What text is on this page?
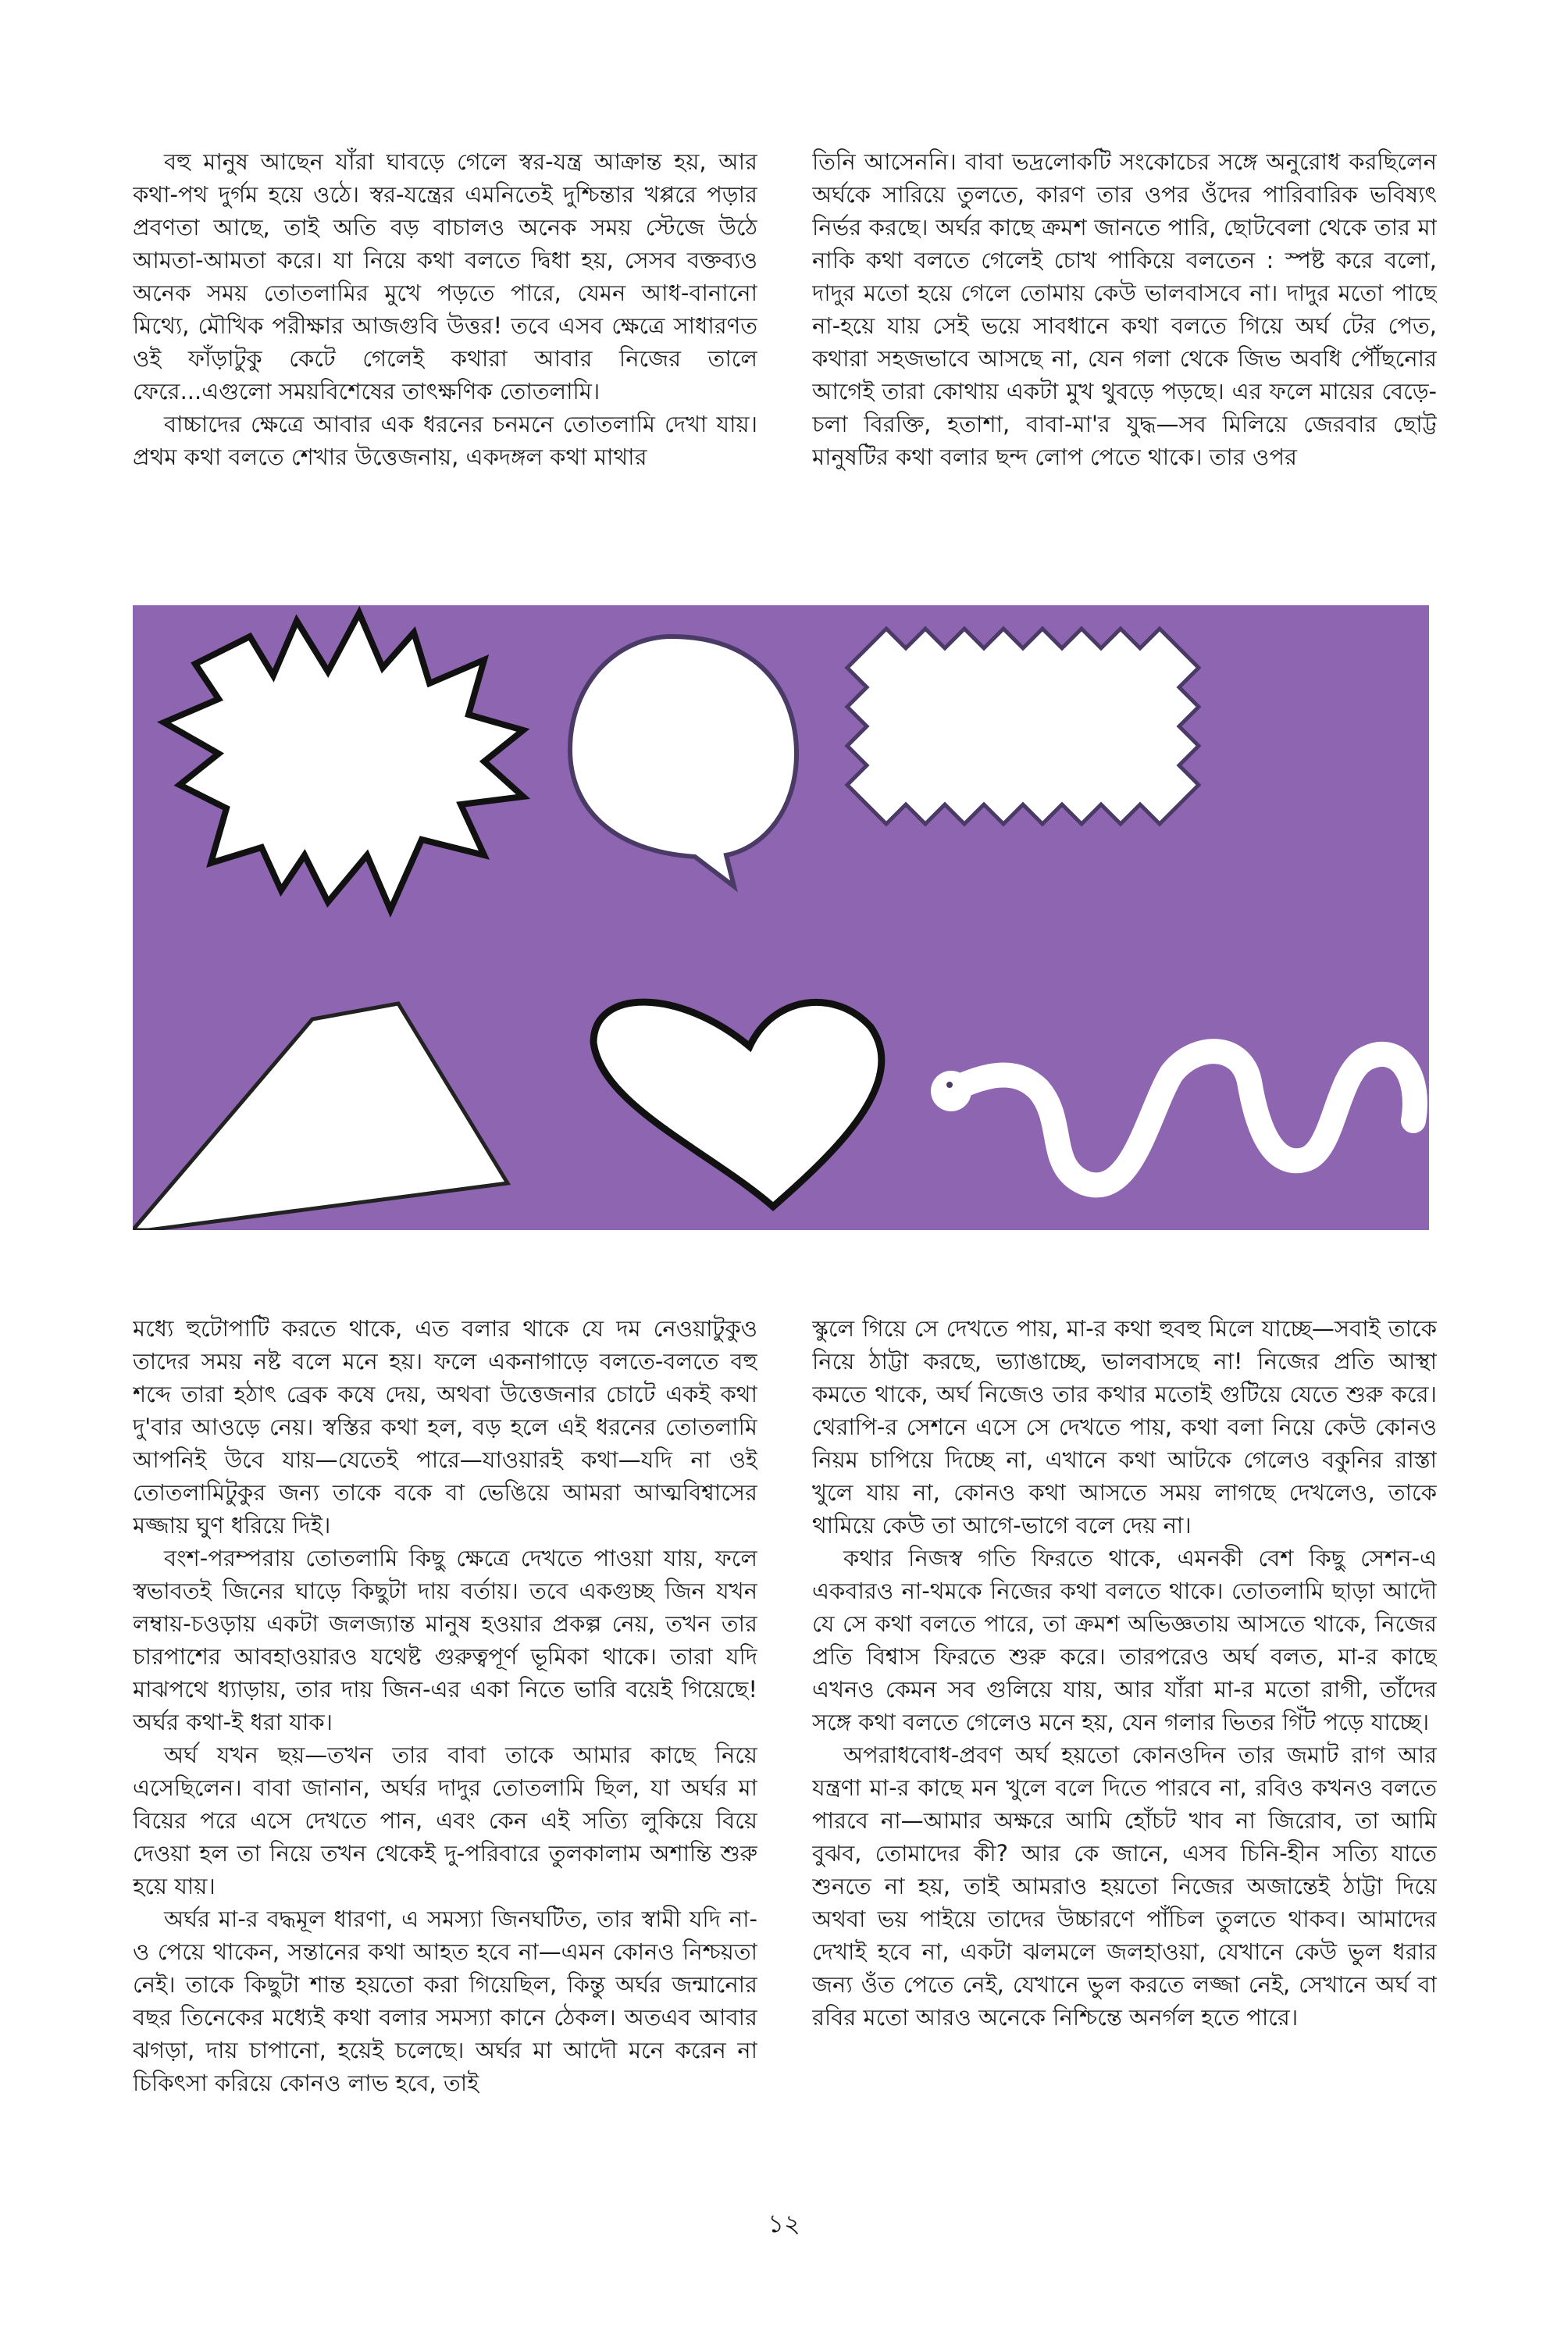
বহু মানুষ আছেন যাঁরা ঘাবড়ে গেলে স্বর-যন্ত্র আক্রান্ত হয়, আর কথা-পথ দুর্গম হয়ে ওঠে। স্বর-যন্ত্রের এমনিতেই দুশ্চিন্তার খপ্পরে পড়ার প্রবণতা আছে, তাই অতি বড় বাচালও অনেক সময় স্টেজে উঠে আমতা-আমতা করে। যা নিয়ে কথা বলতে দ্বিধা হয়, সেসব বক্তব্যও অনেক সময় তোতলামির মুখে পড়তে পারে, যেমন আধ-বানানো মিথ্যে, মৌখিক পরীক্ষার আজগুবি উত্তর! তবে এসব ক্ষেত্রে সাধারণত ওই ফাঁড়াটুকু কেটে গেলেই কথারা আবার নিজের তালে ফেরে...এগুলো সময়বিশেষের তাৎক্ষণিক তোতলামি।

বাচ্চাদের ক্ষেত্রে আবার এক ধরনের চনমনে তোতলামি দেখা যায়। প্রথম কথা বলতে শেখার উত্তেজনায়, একদঙ্গল কথা মাথার

তিনি আসেননি। বাবা ভদ্রলোকটি সংকোচের সঙ্গে অনুরোধ করছিলেন অর্ঘকে সারিয়ে তুলতে, কারণ তার ওপর ওঁদের পারিবারিক ভবিষ্যৎ নির্ভর করছে। অর্ঘর কাছে ক্রমশ জানতে পারি, ছোটবেলা থেকে তার মা নাকি কথা বলতে গেলেই চোখ পাকিয়ে বলতেন : স্পষ্ট করে বলো, দাদুর মতো হয়ে গেলে তোমায় কেউ ভালবাসবে না। দাদুর মতো পাছে না-হয়ে যায় সেই ভয়ে সাবধানে কথা বলতে গিয়ে অর্ঘ টের পেত, কথারা সহজভাবে আসছে না, যেন গলা থেকে জিভ অবধি পৌঁছনোর আগেই তারা কোথায় একটা মুখ থুবড়ে পড়ছে। এর ফলে মায়ের বেড়ে-চলা বিরক্তি, হতাশা, বাবা-মা'র যুদ্ধ—সব মিলিয়ে জেরবার ছোট্ট মানুষটির কথা বলার ছন্দ লোপ পেতে থাকে। তার ওপর

মধ্যে হুটোপাটি করতে থাকে, এত বলার থাকে যে দম নেওয়াটুকুও তাদের সময় নষ্ট বলে মনে হয়। ফলে একনাগাড়ে বলতে-বলতে বহু শব্দে তারা হঠাৎ ব্রেক কষে দেয়, অথবা উত্তেজনার চোটে একই কথা দু'বার আওড়ে নেয়। স্বস্তির কথা হল, বড় হলে এই ধরনের তোতলামি আপনিই উবে যায়—যেতেই পারে—যাওয়ারই কথা—যদি না ওই তোতলামিটুকুর জন্য তাকে বকে বা ভেঙিয়ে আমরা আত্মবিশ্বাসের মজ্জায় ঘুণ ধরিয়ে দিই।

বংশ-পরম্পরায় তোতলামি কিছু ক্ষেত্রে দেখতে পাওয়া যায়, ফলে স্বভাবতই জিনের ঘাড়ে কিছুটা দায় বর্তায়। তবে একগুচ্ছ জিন যখন লম্বায়-চওড়ায় একটা জলজ্যান্ত মানুষ হওয়ার প্রকল্প নেয়, তখন তার চারপাশের আবহাওয়ারও যথেষ্ট গুরুত্বপূর্ণ ভূমিকা থাকে। তারা যদি মাঝপথে ধ্যাড়ায়, তার দায় জিন-এর একা নিতে ভারি বয়েই গিয়েছে! অর্ঘর কথা-ই ধরা যাক।

অর্ঘ যখন ছয়—তখন তার বাবা তাকে আমার কাছে নিয়ে এসেছিলেন। বাবা জানান, অর্ঘর দাদুর তোতলামি ছিল, যা অর্ঘর মা বিয়ের পরে এসে দেখতে পান, এবং কেন এই সত্যি লুকিয়ে বিয়ে দেওয়া হল তা নিয়ে তখন থেকেই দু-পরিবারে তুলকালাম অশান্তি শুরু হয়ে যায়।

অর্ঘর মা-র বদ্ধমূল ধারণা, এ সমস্যা জিনঘটিত, তার স্বামী যদি না-ও পেয়ে থাকেন, সন্তানের কথা আহত হবে না—এমন কোনও নিশ্চয়তা নেই। তাকে কিছুটা শান্ত হয়তো করা গিয়েছিল, কিন্তু অর্ঘর জন্মানোর বছর তিনেকের মধ্যেই কথা বলার সমস্যা কানে ঠেকল। অতএব আবার ঝগড়া, দায় চাপানো, হয়েই চলেছে। অর্ঘর মা আদৌ মনে করেন না চিকিৎসা করিয়ে কোনও লাভ হবে, তাই

স্কুলে গিয়ে সে দেখতে পায়, মা-র কথা হুবহু মিলে যাচ্ছে—সবাই তাকে নিয়ে ঠাট্টা করছে, ভ্যাঙাচ্ছে, ভালবাসছে না! নিজের প্রতি আস্থা কমতে থাকে, অর্ঘ নিজেও তার কথার মতোই গুটিয়ে যেতে শুরু করে। থেরাপি-র সেশনে এসে সে দেখতে পায়, কথা বলা নিয়ে কেউ কোনও নিয়ম চাপিয়ে দিচ্ছে না, এখানে কথা আটকে গেলেও বকুনির রাস্তা খুলে যায় না, কোনও কথা আসতে সময় লাগছে দেখলেও, তাকে থামিয়ে কেউ তা আগে-ভাগে বলে দেয় না।

কথার নিজস্ব গতি ফিরতে থাকে, এমনকী বেশ কিছু সেশন-এ একবারও না-থমকে নিজের কথা বলতে থাকে। তোতলামি ছাড়া আদৌ যে সে কথা বলতে পারে, তা ক্রমশ অভিজ্ঞতায় আসতে থাকে, নিজের প্রতি বিশ্বাস ফিরতে শুরু করে। তারপরেও অর্ঘ বলত, মা-র কাছে এখনও কেমন সব গুলিয়ে যায়, আর যাঁরা মা-র মতো রাগী, তাঁদের সঙ্গে কথা বলতে গেলেও মনে হয়, যেন গলার ভিতর গিঁট পড়ে যাচ্ছে।

অপরাধবোধ-প্রবণ অর্ঘ হয়তো কোনওদিন তার জমাট রাগ আর যন্ত্রণা মা-র কাছে মন খুলে বলে দিতে পারবে না, রবিও কখনও বলতে পারবে না—আমার অক্ষরে আমি হোঁচট খাব না জিরোব, তা আমি বুঝব, তোমাদের কী? আর কে জানে, এসব চিনি-হীন সত্যি যাতে শুনতে না হয়, তাই আমরাও হয়তো নিজের অজান্তেই ঠাট্টা দিয়ে অথবা ভয় পাইয়ে তাদের উচ্চারণে পাঁচিল তুলতে থাকব। আমাদের দেখাই হবে না, একটা ঝলমলে জলহাওয়া, যেখানে কেউ ভুল ধরার জন্য ওঁত পেতে নেই, যেখানে ভুল করতে লজ্জা নেই, সেখানে অর্ঘ বা রবির মতো আরও অনেকে নিশ্চিন্তে অনর্গল হতে পারে।

১২
